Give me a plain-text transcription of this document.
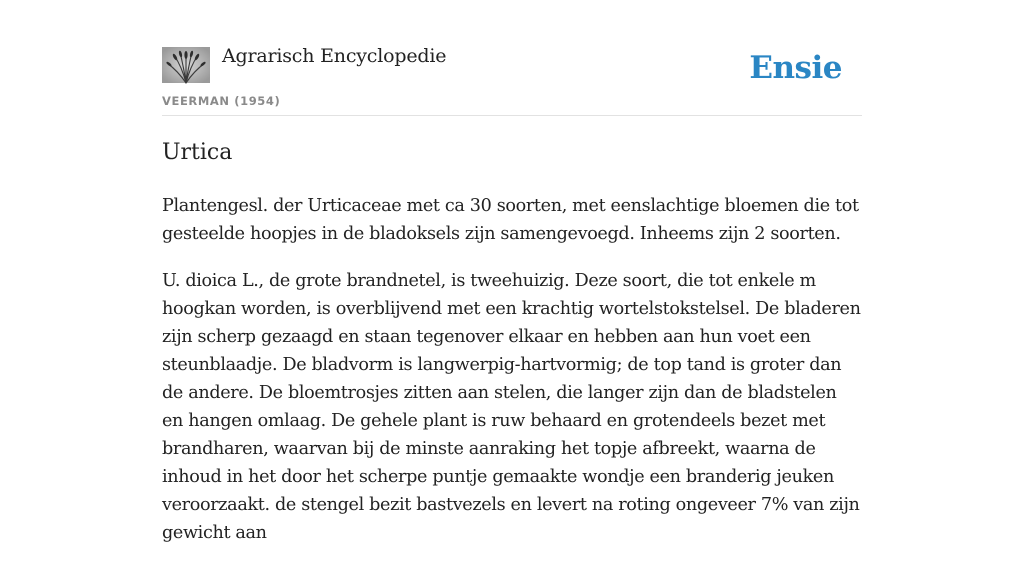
Agrarisch Encyclopedie
VEERMAN (1954)
Ensie
Urtica

Plantengesl. der Urticaceae met ca 30 soorten, met eenslachtige bloemen die tot gesteelde hoopjes in de bladoksels zijn samengevoegd. Inheems zijn 2 soorten.

U. dioica L., de grote brandnetel, is tweehuizig. Deze soort, die tot enkele m hoogkan worden, is overblijvend met een krachtig wortelstokstelsel. De bladeren zijn scherp gezaagd en staan tegenover elkaar en hebben aan hun voet een steunblaadje. De bladvorm is langwerpig-hartvormig; de top tand is groter dan de andere. De bloemtrosjes zitten aan stelen, die langer zijn dan de bladstelen en hangen omlaag. De gehele plant is ruw behaard en grotendeels bezet met brandharen, waarvan bij de minste aanraking het topje afbreekt, waarna de inhoud in het door het scherpe puntje gemaakte wondje een branderig jeuken veroorzaakt. de stengel bezit bastvezels en levert na roting ongeveer 7% van zijn gewicht aan
